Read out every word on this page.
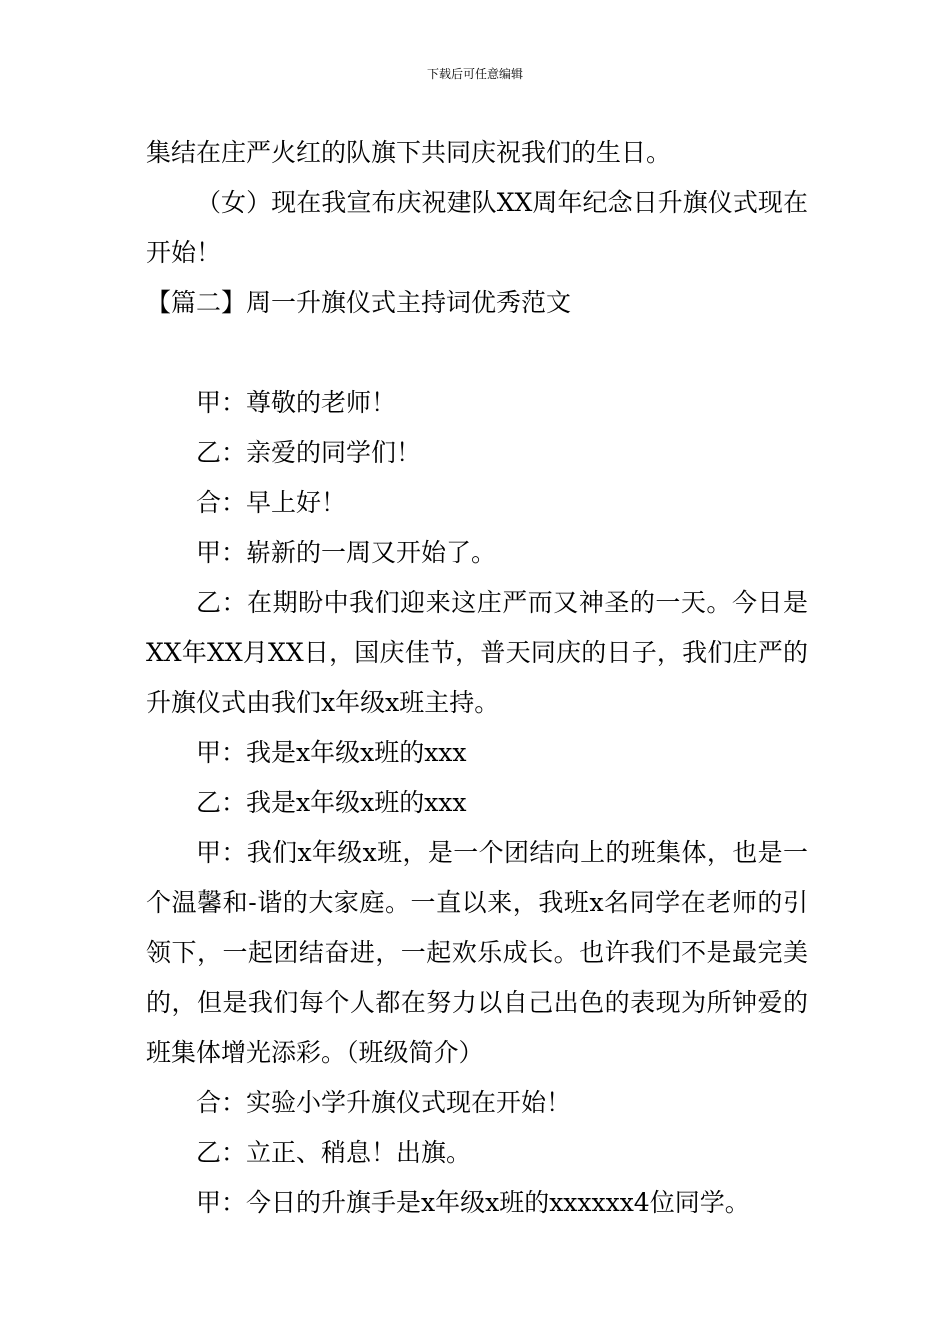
下载后可任意编辑

集结在庄严火红的队旗下共同庆祝我们的生日。

（女）现在我宣布庆祝建队XX周年纪念日升旗仪式现在开始！

【篇二】周一升旗仪式主持词优秀范文

甲：尊敬的老师！

乙：亲爱的同学们！

合：早上好！

甲：崭新的一周又开始了。

乙：在期盼中我们迎来这庄严而又神圣的一天。今日是XX年XX月XX日，国庆佳节，普天同庆的日子，我们庄严的升旗仪式由我们x年级x班主持。

甲：我是x年级x班的xxx

乙：我是x年级x班的xxx

甲：我们x年级x班，是一个团结向上的班集体，也是一个温馨和-谐的大家庭。一直以来，我班x名同学在老师的引领下，一起团结奋进，一起欢乐成长。也许我们不是最完美的，但是我们每个人都在努力以自己出色的表现为所钟爱的班集体增光添彩。（班级简介）

合：实验小学升旗仪式现在开始！

乙：立正、稍息！出旗。

甲：今日的升旗手是x年级x班的xxxxxx4位同学。
